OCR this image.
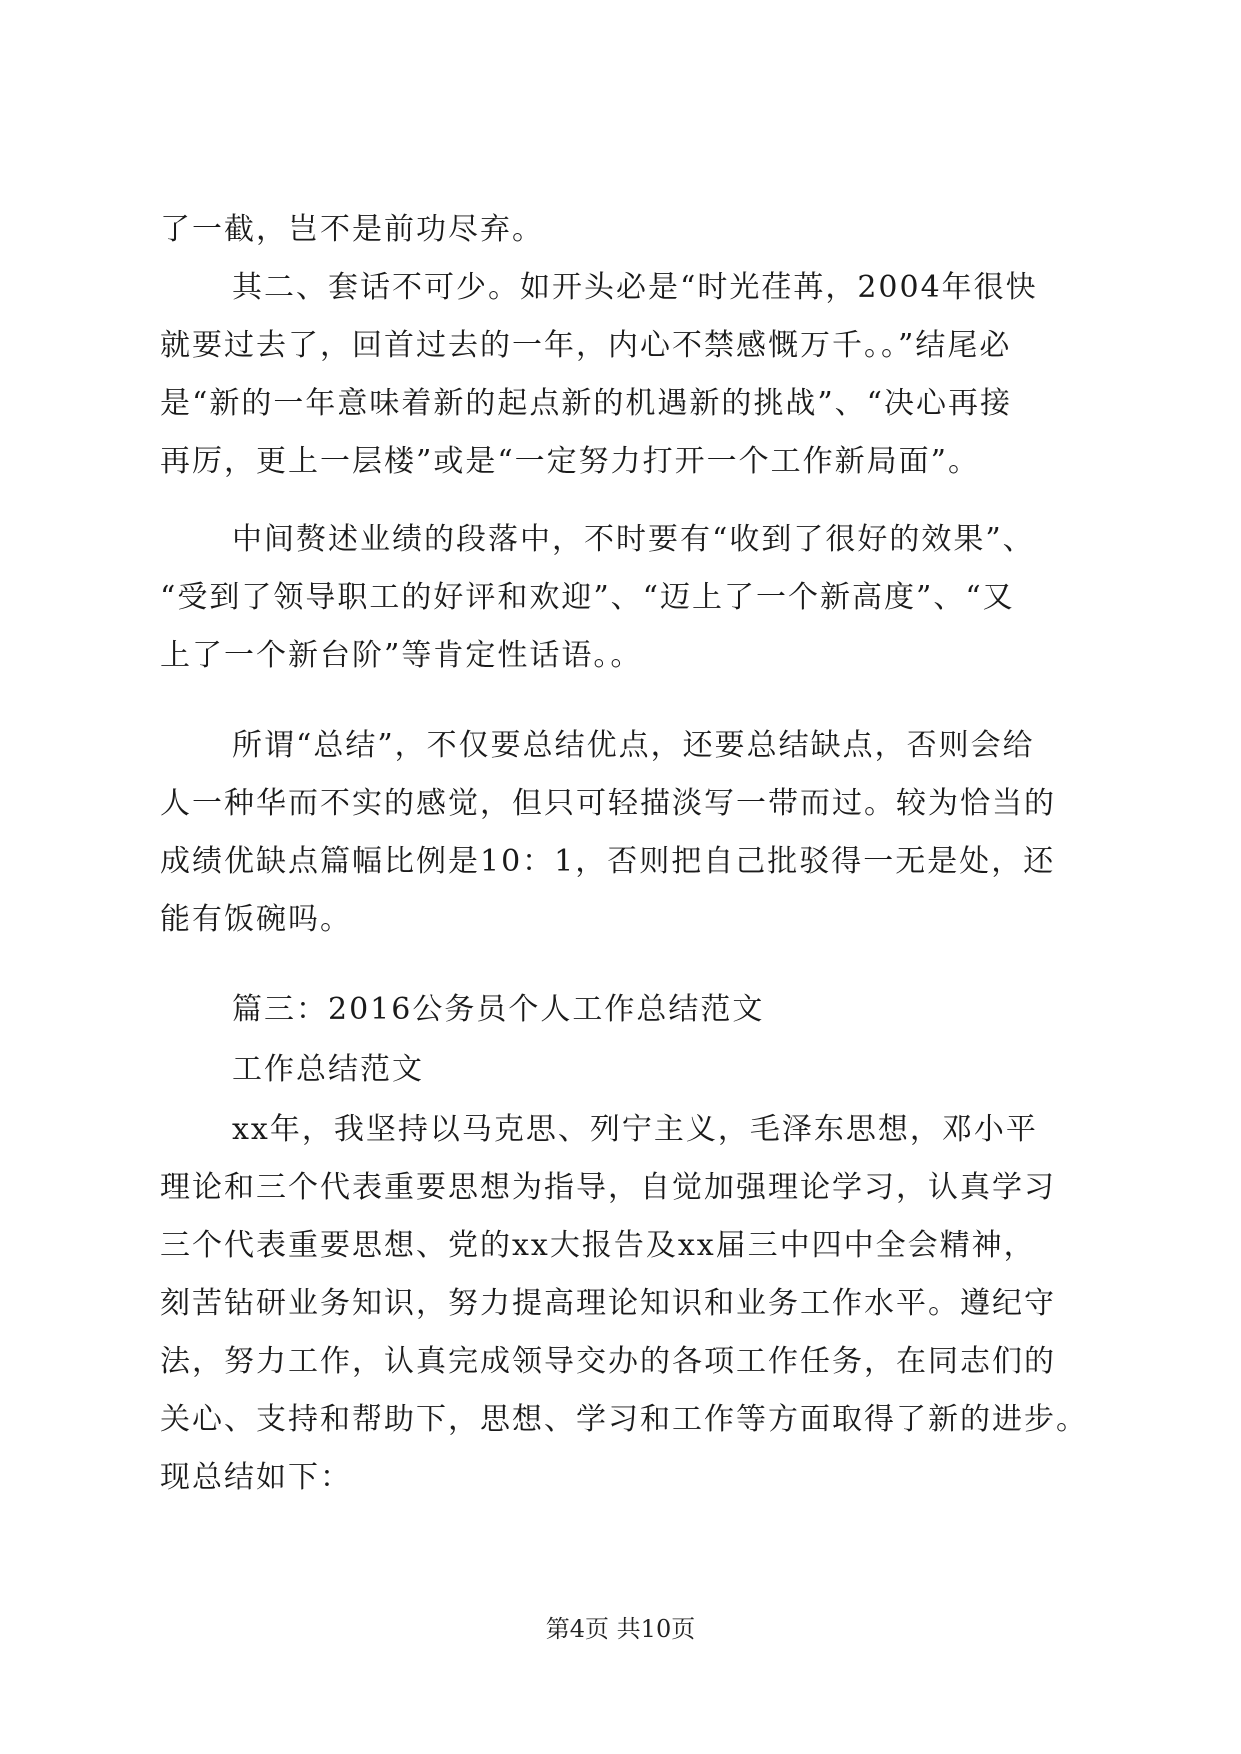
了一截，岂不是前功尽弃。
其二、套话不可少。如开头必是“时光荏苒，2004年很快
就要过去了，回首过去的一年，内心不禁感慨万千。。”结尾必
是“新的一年意味着新的起点新的机遇新的挑战”、“决心再接
再厉，更上一层楼”或是“一定努力打开一个工作新局面”。
中间赘述业绩的段落中，不时要有“收到了很好的效果”、
“受到了领导职工的好评和欢迎”、“迈上了一个新高度”、“又
上了一个新台阶”等肯定性话语。。
所谓“总结”，不仅要总结优点，还要总结缺点，否则会给
人一种华而不实的感觉，但只可轻描淡写一带而过。较为恰当的
成绩优缺点篇幅比例是10：1，否则把自己批驳得一无是处，还
能有饭碗吗。
篇三：2016公务员个人工作总结范文
工作总结范文
xx年，我坚持以马克思、列宁主义，毛泽东思想，邓小平
理论和三个代表重要思想为指导，自觉加强理论学习，认真学习
三个代表重要思想、党的xx大报告及xx届三中四中全会精神，
刻苦钻研业务知识，努力提高理论知识和业务工作水平。遵纪守
法，努力工作，认真完成领导交办的各项工作任务，在同志们的
关心、支持和帮助下，思想、学习和工作等方面取得了新的进步。
现总结如下：
第4页 共10页
